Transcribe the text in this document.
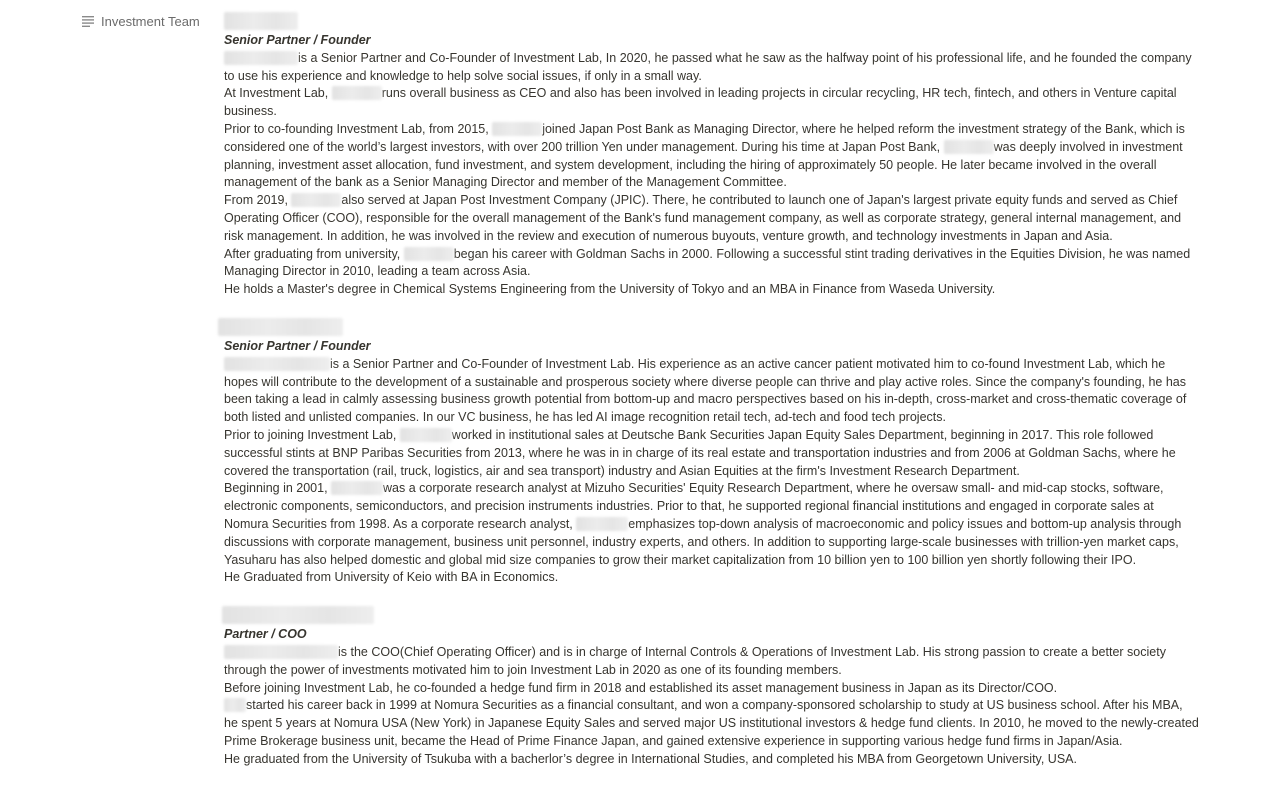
Investment Team

Senior Partner / Founder

is a Senior Partner and Co-Founder of Investment Lab, In 2020, he passed what he saw as the halfway point of his professional life, and he founded the company to use his experience and knowledge to help solve social issues, if only in a small way.

At Investment Lab,	runs overall business as CEO and also has been involved in leading projects in circular recycling, HR tech, fintech, and others in Venture capital business.

Prior to co-founding Investment Lab, from 2015,	joined Japan Post Bank as Managing Director, where he helped reform the investment strategy of the Bank, which is considered one of the world’s largest investors, with over 200 trillion Yen under management. During his time at Japan Post Bank,	was deeply involved in investment planning, investment asset allocation, fund investment, and system development, including the hiring of approximately 50 people. He later became involved in the overall management of the bank as a Senior Managing Director and member of the Management Committee.

From 2019,	also served at Japan Post Investment Company (JPIC). There, he contributed to launch one of Japan's largest private equity funds and served as Chief Operating Officer (COO), responsible for the overall management of the Bank's fund management company, as well as corporate strategy, general internal management, and risk management. In addition, he was involved in the review and execution of numerous buyouts, venture growth, and technology investments in Japan and Asia.

After graduating from university,	began his career with Goldman Sachs in 2000. Following a successful stint trading derivatives in the Equities Division, he was named Managing Director in 2010, leading a team across Asia.

He holds a Master's degree in Chemical Systems Engineering from the University of Tokyo and an MBA in Finance from Waseda University.

Senior Partner / Founder

is a Senior Partner and Co-Founder of Investment Lab. His experience as an active cancer patient motivated him to co-found Investment Lab, which he hopes will contribute to the development of a sustainable and prosperous society where diverse people can thrive and play active roles. Since the company's founding, he has been taking a lead in calmly assessing business growth potential from bottom-up and macro perspectives based on his in-depth, cross-market and cross-thematic coverage of both listed and unlisted companies. In our VC business, he has led AI image recognition retail tech, ad-tech and food tech projects.

Prior to joining Investment Lab,	worked in institutional sales at Deutsche Bank Securities Japan Equity Sales Department, beginning in 2017. This role followed successful stints at BNP Paribas Securities from 2013, where he was in in charge of its real estate and transportation industries and from 2006 at Goldman Sachs, where he covered the transportation (rail, truck, logistics, air and sea transport) industry and Asian Equities at the firm's Investment Research Department.

Beginning in 2001,	was a corporate research analyst at Mizuho Securities' Equity Research Department, where he oversaw small- and mid-cap stocks, software, electronic components, semiconductors, and precision instruments industries. Prior to that, he supported regional financial institutions and engaged in corporate sales at Nomura Securities from 1998. As a corporate research analyst,	emphasizes top-down analysis of macroeconomic and policy issues and bottom-up analysis through discussions with corporate management, business unit personnel, industry experts, and others. In addition to supporting large-scale businesses with trillion-yen market caps, Yasuharu has also helped domestic and global mid size companies to grow their market capitalization from 10 billion yen to 100 billion yen shortly following their IPO.

He Graduated from University of Keio with BA in Economics.

Partner / COO

is the COO(Chief Operating Officer) and is in charge of Internal Controls & Operations of Investment Lab. His strong passion to create a better society through the power of investments motivated him to join Investment Lab in 2020 as one of its founding members.

Before joining Investment Lab, he co-founded a hedge fund firm in 2018 and established its asset management business in Japan as its Director/COO.

started his career back in 1999 at Nomura Securities as a financial consultant, and won a company-sponsored scholarship to study at US business school. After his MBA, he spent 5 years at Nomura USA (New York) in Japanese Equity Sales and served major US institutional investors & hedge fund clients. In 2010, he moved to the newly-created Prime Brokerage business unit, became the Head of Prime Finance Japan, and gained extensive experience in supporting various hedge fund firms in Japan/Asia.

He graduated from the University of Tsukuba with a bacherlor’s degree in International Studies, and completed his MBA from Georgetown University, USA.
